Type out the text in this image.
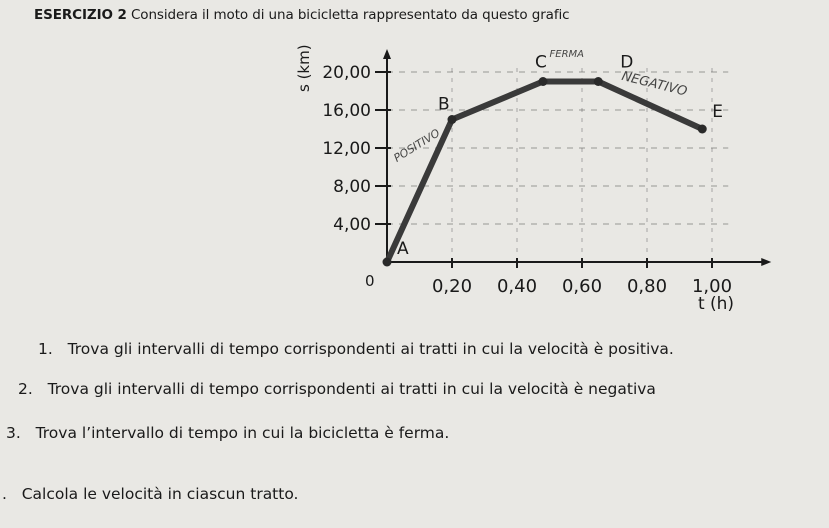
ESERCIZIO 2 Considera il moto di una bicicletta rappresentato da questo grafic
20,00
16,00
12,00
8,00
4,00
0	0,20 0,40 0,60 0,80 1,00
s (km)
t (h)
A
B
C	D
E
POSITIVO
FERMA
NEGATIVO
1. Trova gli intervalli di tempo corrispondenti ai tratti in cui la velocità è positiva.
2. Trova gli intervalli di tempo corrispondenti ai tratti in cui la velocità è negativa
3. Trova l’intervallo di tempo in cui la bicicletta è ferma.
. Calcola le velocità in ciascun tratto.
